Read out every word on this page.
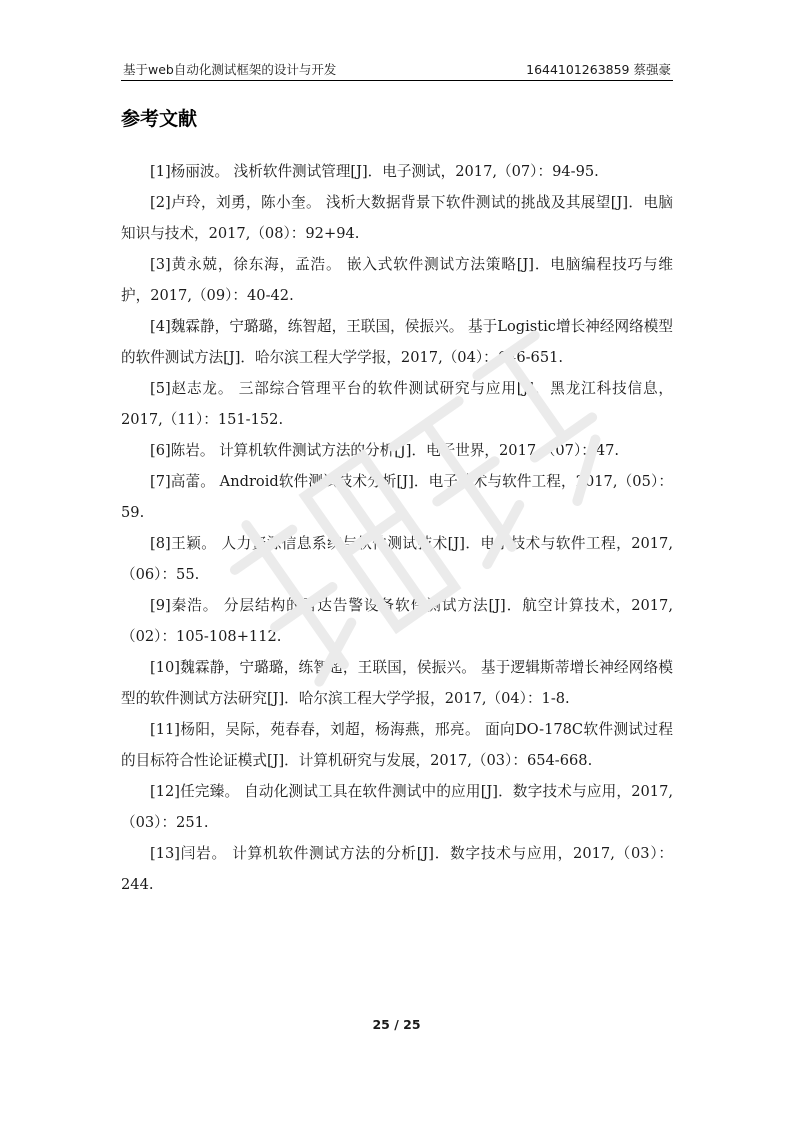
基于web自动化测试框架的设计与开发	1644101263859 蔡强豪
参考文献

[1]杨丽波。 浅析软件测试管理[J]．电子测试，2017,（07）：94-95.

[2]卢玲，刘勇，陈小奎。 浅析大数据背景下软件测试的挑战及其展望[J]．电脑知识与技术，2017,（08）：92+94.

[3]黄永兢，徐东海，孟浩。 嵌入式软件测试方法策略[J]．电脑编程技巧与维护，2017,（09）：40-42.

[4]魏霖静，宁璐璐，练智超，王联国，侯振兴。 基于Logistic增长神经网络模型的软件测试方法[J]．哈尔滨工程大学学报，2017,（04）：646-651.

[5]赵志龙。 三部综合管理平台的软件测试研究与应用[J]．黑龙江科技信息，2017,（11）：151-152.

[6]陈岩。 计算机软件测试方法的分析[J]．电子世界，2017,（07）：47.

[7]高蕾。 Android软件测试技术分析[J]．电子技术与软件工程，2017,（05）：59.

[8]王颖。 人力资源信息系统与软件测试技术[J]．电子技术与软件工程，2017,（06）：55.

[9]秦浩。 分层结构的雷达告警设备软件测试方法[J]．航空计算技术，2017,（02）：105-108+112.

[10]魏霖静，宁璐璐，练智超，王联国，侯振兴。 基于逻辑斯蒂增长神经网络模型的软件测试方法研究[J]．哈尔滨工程大学学报，2017,（04）：1-8.

[11]杨阳，吴际，苑春春，刘超，杨海燕，邢亮。 面向DO-178C软件测试过程的目标符合性论证模式[J]．计算机研究与发展，2017,（03）：654-668.

[12]任完臻。 自动化测试工具在软件测试中的应用[J]．数字技术与应用，2017,（03）：251.

[13]闫岩。 计算机软件测试方法的分析[J]．数字技术与应用，2017,（03）：244.

25 / 25
